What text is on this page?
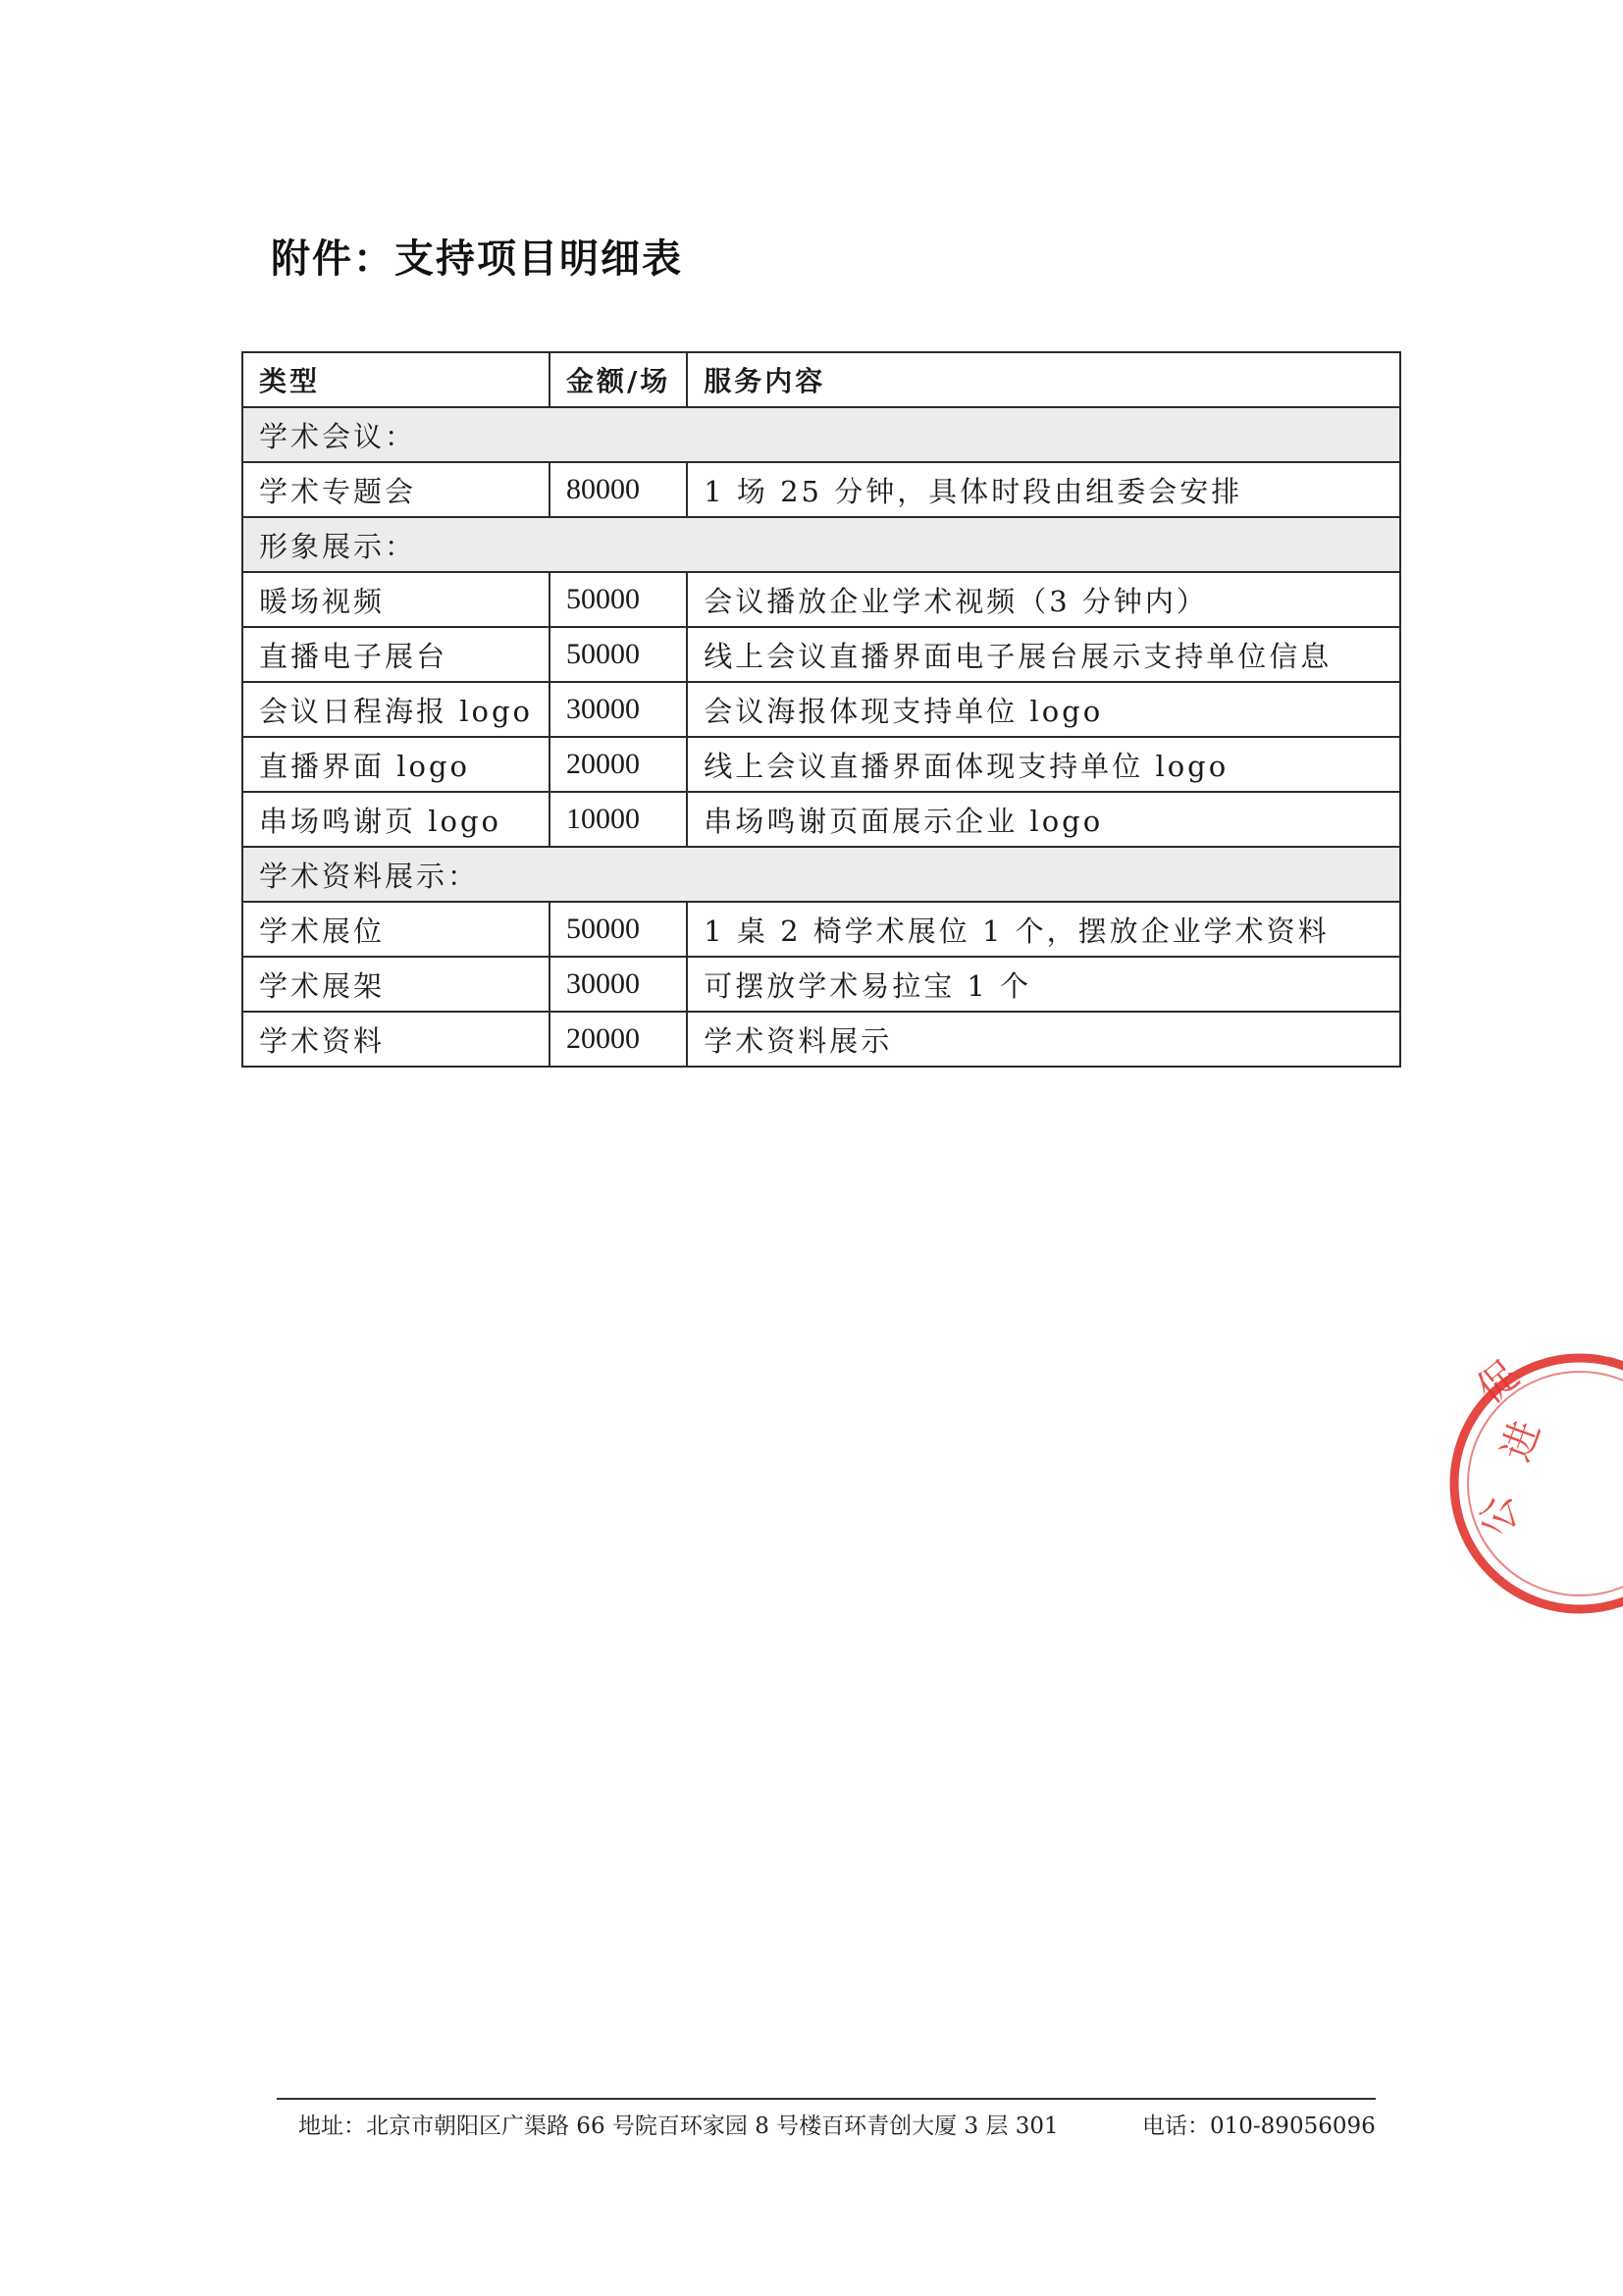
附件：支持项目明细表
类型	金额/场	服务内容
学术会议：		
学术专题会	80000	1 场 25 分钟，具体时段由组委会安排
形象展示：		
暖场视频	50000	会议播放企业学术视频（3 分钟内）
直播电子展台	50000	线上会议直播界面电子展台展示支持单位信息
会议日程海报 logo	30000	会议海报体现支持单位 logo
直播界面 logo	20000	线上会议直播界面体现支持单位 logo
串场鸣谢页 logo	10000	串场鸣谢页面展示企业 logo
学术资料展示：		
学术展位	50000	1 桌 2 椅学术展位 1 个，摆放企业学术资料
学术展架	30000	可摆放学术易拉宝 1 个
学术资料	20000	学术资料展示
促
进
公
地址：北京市朝阳区广渠路 66 号院百环家园 8 号楼百环青创大厦 3 层 301	电话：010-89056096
